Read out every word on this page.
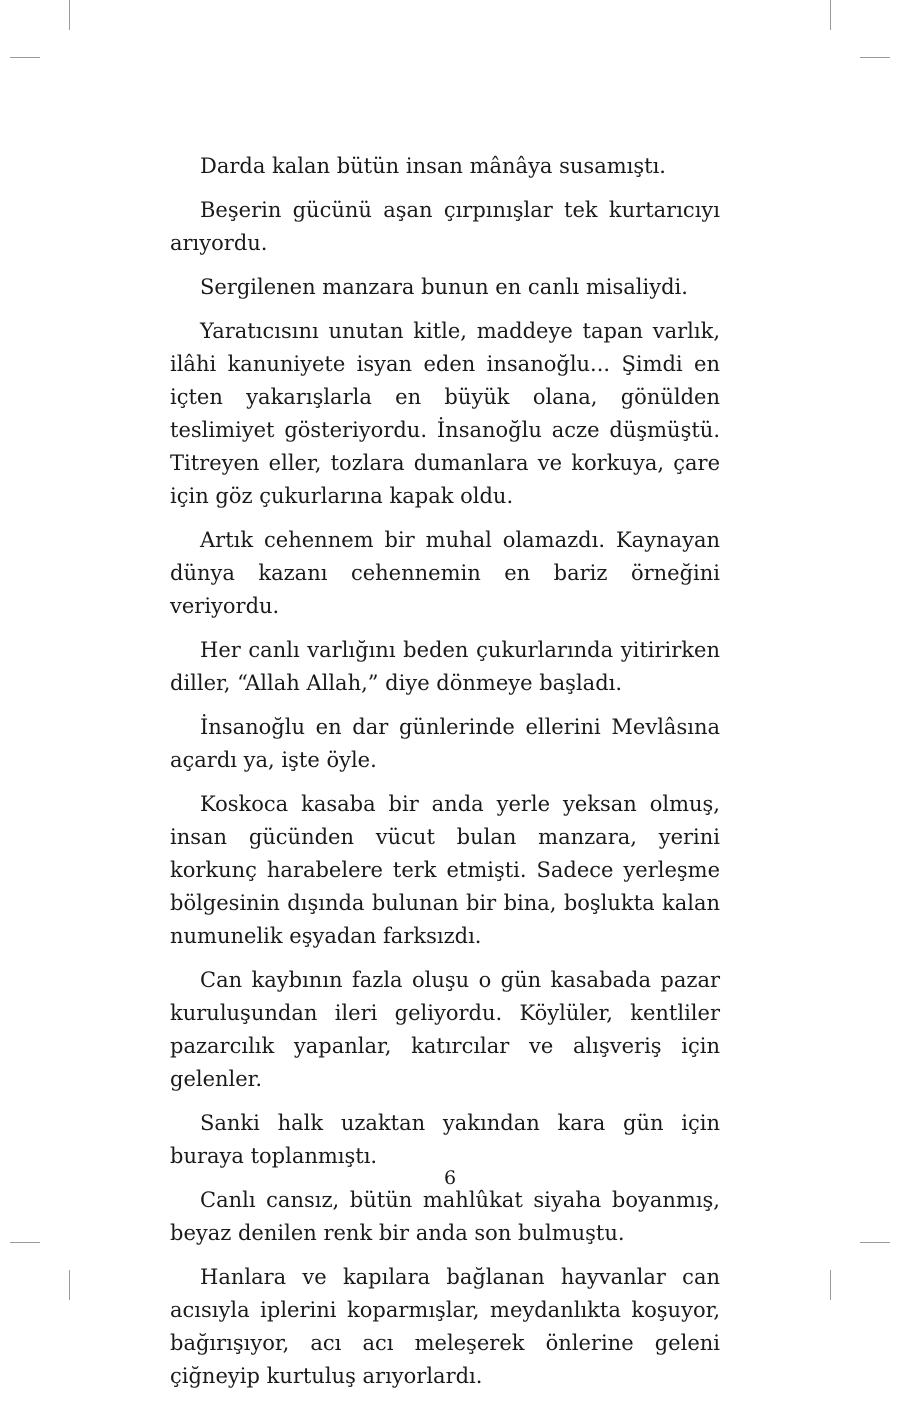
Darda kalan bütün insan mânâya susamıştı.

Beşerin gücünü aşan çırpınışlar tek kurtarıcıyı arıyordu.

Sergilenen manzara bunun en canlı misaliydi.

Yaratıcısını unutan kitle, maddeye tapan varlık, ilâhi kanuniyete isyan eden insanoğlu... Şimdi en içten yakarışlarla en büyük olana, gönülden teslimiyet gösteriyordu. İnsanoğlu acze düşmüştü. Titreyen eller, tozlara dumanlara ve korkuya, çare için göz çukurlarına kapak oldu.

Artık cehennem bir muhal olamazdı. Kaynayan dünya kazanı cehennemin en bariz örneğini veriyordu.

Her canlı varlığını beden çukurlarında yitirirken diller, “Allah Allah,” diye dönmeye başladı.

İnsanoğlu en dar günlerinde ellerini Mevlâsına açardı ya, işte öyle.

Koskoca kasaba bir anda yerle yeksan olmuş, insan gücünden vücut bulan manzara, yerini korkunç harabelere terk etmişti. Sadece yerleşme bölgesinin dışında bulunan bir bina, boşlukta kalan numunelik eşyadan farksızdı.

Can kaybının fazla oluşu o gün kasabada pazar kuruluşundan ileri geliyordu. Köylüler, kentliler pazarcılık yapanlar, katırcılar ve alışveriş için gelenler.

Sanki halk uzaktan yakından kara gün için buraya toplanmıştı.

Canlı cansız, bütün mahlûkat siyaha boyanmış, beyaz denilen renk bir anda son bulmuştu.

Hanlara ve kapılara bağlanan hayvanlar can acısıyla iplerini koparmışlar, meydanlıkta koşuyor, bağırışıyor, acı acı meleşerek önlerine geleni çiğneyip kurtuluş arıyorlardı.

6
